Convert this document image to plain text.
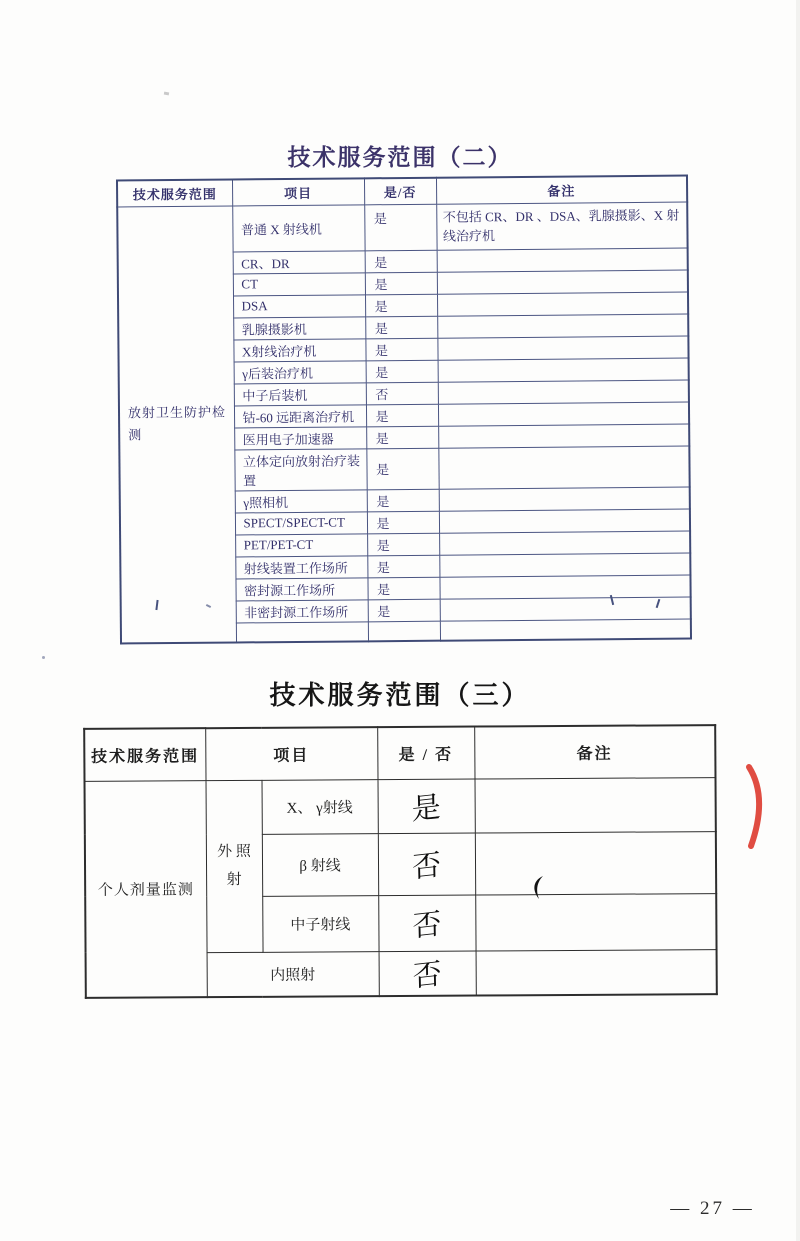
技术服务范围（二）
技术服务范围	项目	是/否	备注
放射卫生防护检测	普通 X 射线机	是	不包括 CR、DR 、DSA、乳腺摄影、X 射线治疗机
	CR、DR	是	
	CT	是	
	DSA	是	
	乳腺摄影机	是	
	X射线治疗机	是	
	γ后装治疗机	是	
	中子后装机	否	
	钴-60 远距离治疗机	是	
	医用电子加速器	是	
	立体定向放射治疗装置	是	
	γ照相机	是	
	SPECT/SPECT-CT	是	
	PET/PET-CT	是	
	射线装置工作场所	是	
	密封源工作场所	是	
	非密封源工作场所	是	

技术服务范围（三）
技术服务范围	项目		是 / 否	备注
个人剂量监测	外 照 射	X、 γ射线	是	
		β 射线	否	
		中子射线	否	
	内照射		否	
— 27 —
